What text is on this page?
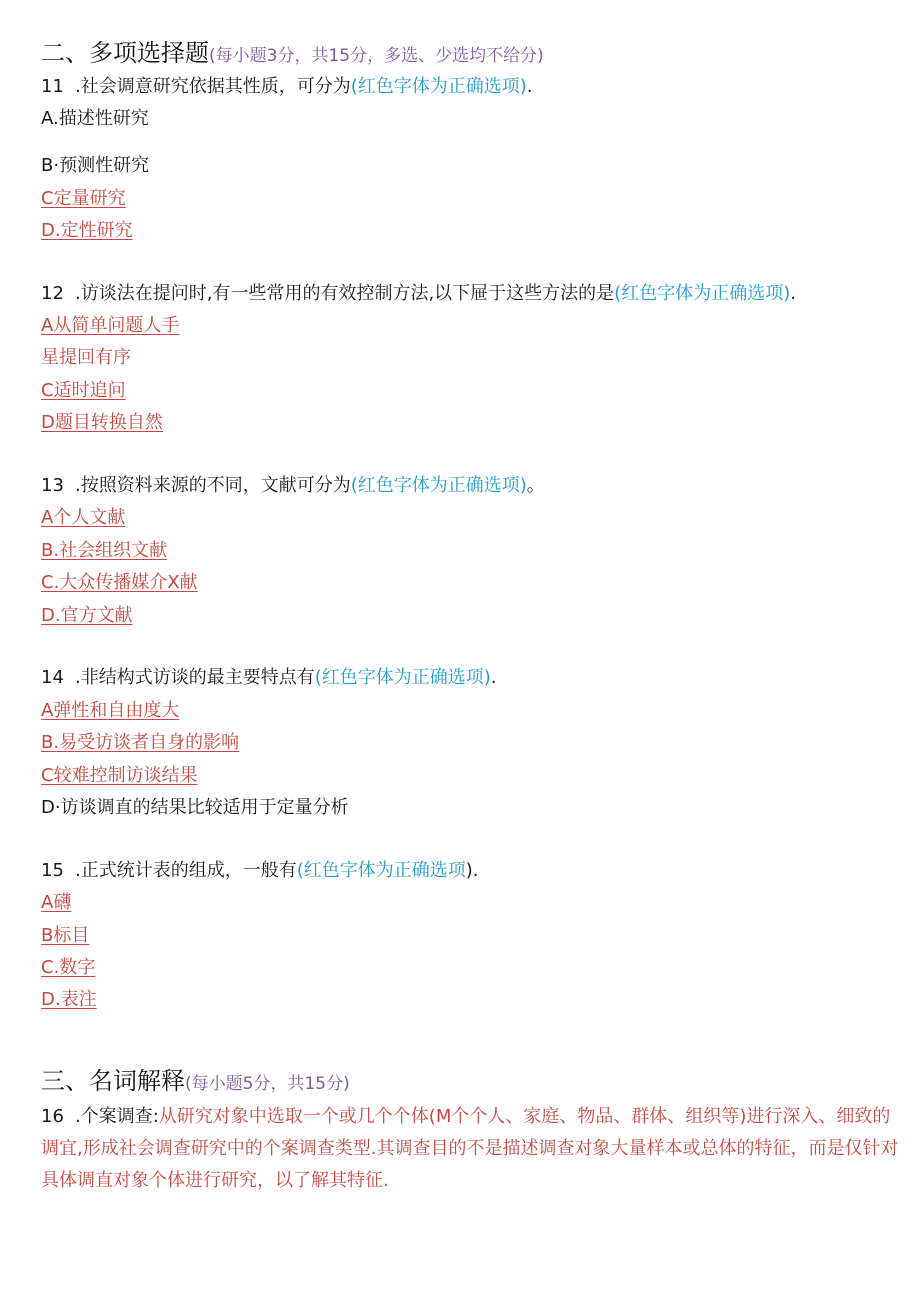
二、多项选择题(每小题3分，共15分，多选、少选均不给分)
11 .社会调意研究依据其性质，可分为(红色字体为正确选项).
A.描述性研究
B·预测性研究
C定量研究
D.定性研究
12 .访谈法在提问时,有一些常用的有效控制方法,以下屉于这些方法的是(红色字体为正确选项).
A从简单问题人手
星提回有序
C适时追问
D题目转换自然
13 .按照资料来源的不同，文献可分为(红色字体为正确选项)。
A个人文献
B.社会组织文献
C.大众传播媒介X献
D.官方文献
14 .非结构式访谈的最主要特点有(红色字体为正确选项).
A弹性和自由度大
B.易受访谈者自身的影响
C较难控制访谈结果
D·访谈调直的结果比较适用于定量分析
15 .正式统计表的组成，一般有(红色字体为正确选项).
A礴
B标目
C.数字
D.表注
三、名词解释(每小题5分，共15分)
16 .个案调查:从研究对象中选取一个或几个个体(M个个人、家庭、物品、群体、组织等)进行深入、细致的调宜,形成社会调查研究中的个案调查类型.其调查目的不是描述调查对象大量样本或总体的特征，而是仅针对具体调直对象个体进行研究，以了解其特征.
